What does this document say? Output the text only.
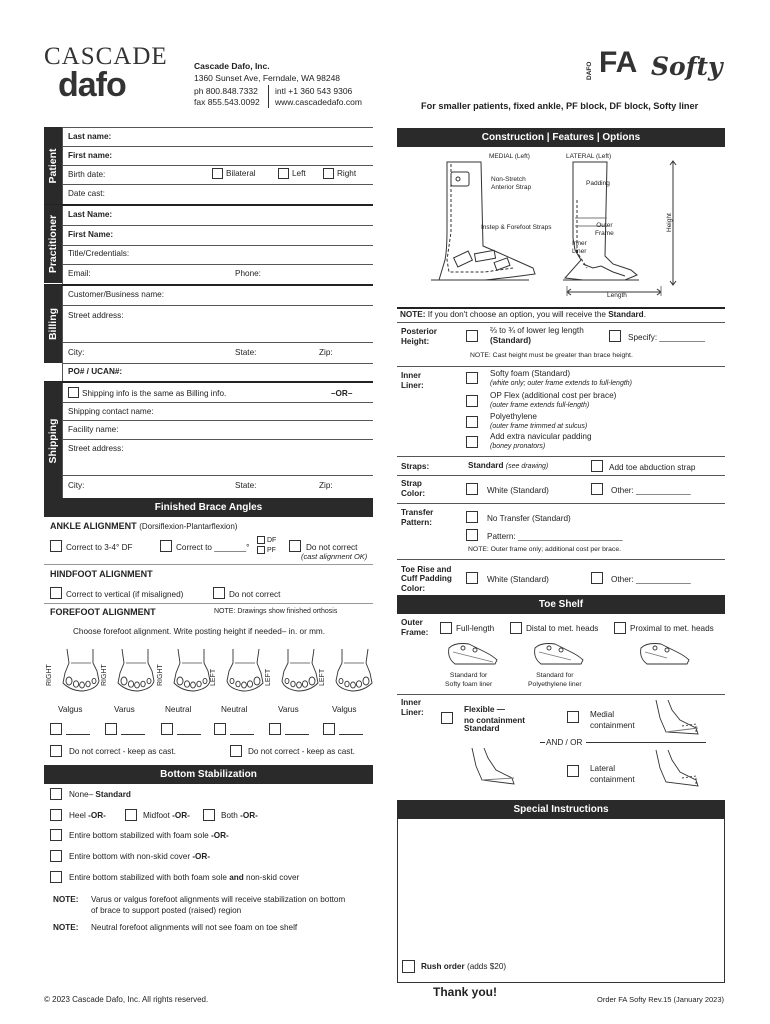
CASCADE
dafo	Cascade Dafo, Inc.
1360 Sunset Ave, Ferndale, WA 98248
ph 800.848.7332
fax 855.543.0092
intl +1 360 543 9306
www.cascadedafo.com
DAFO FA Softy
For smaller patients, fixed ankle, PF block, DF block, Softy liner
Patient
Last name:
First name:
Birth date:	Bilateral	Left	Right
Date cast:
Practitioner
Last Name:
First Name:
Title/Credentials:
Email:	Phone:
Billing
Customer/Business name:
Street address:
City:	State:	Zip:
PO# / UCAN#:
Shipping
Shipping info is the same as Billing info.	–OR–
Shipping contact name:
Facility name:
Street address:
City:	State:	Zip:
Finished Brace Angles
ANKLE ALIGNMENT (Dorsiflexion-Plantarflexion)
Correct to 3-4° DF	Correct to _______°
DF
PF	Do not correct
(cast alignment OK)
HINDFOOT ALIGNMENT
Correct to vertical (if misaligned)	Do not correct
FOREFOOT ALIGNMENT	NOTE: Drawings show finished orthosis
Choose forefoot alignment. Write posting height if needed– in. or mm.
RIGHT
Valgus
RIGHT
Varus
RIGHT
Neutral
LEFT
Neutral
LEFT
Varus
LEFT
Valgus
Do not correct - keep as cast.	Do not correct - keep as cast.
Bottom Stabilization
None– Standard
Heel -OR-	Midfoot -OR-	Both -OR-
Entire bottom stabilized with foam sole -OR-
Entire bottom with non-skid cover -OR-
Entire bottom stabilized with both foam sole and non-skid cover
NOTE: Varus or valgus forefoot alignments will receive stabilization on bottom
of brace to support posted (raised) region
NOTE: Neutral forefoot alignments will not see foam on toe shelf
Construction | Features | Options
MEDIAL (Left)	LATERAL (Left)
Non-Stretch
Anterior Strap
Padding
Instep & Forefoot Straps	Outer
Frame
Inner
Liner
Height
Length
NOTE: If you don't choose an option, you will receive the Standard.
Posterior
Height:
⅔ to ¾ of lower leg length
(Standard)	Specify: __________
NOTE: Cast height must be greater than brace height.
Inner
Liner:
Softy foam (Standard)
(white only; outer frame extends to full-length)
OP Flex (additional cost per brace)
(outer frame extends full-length)
Polyethylene
(outer frame trimmed at sulcus)
Add extra navicular padding
(boney pronators)
Straps:	Standard (see drawing)	Add toe abduction strap
Strap
Color:	White (Standard)	Other: ____________
Transfer
Pattern:	No Transfer (Standard)
Pattern: _______________________
NOTE: Outer frame only; additional cost per brace.
Toe Rise and
Cuff Padding
Color:
White (Standard)	Other: ____________
Toe Shelf
Outer
Frame:	Full-length	Distal to met. heads	Proximal to met. heads
Standard for
Softy foam liner
Standard for
Polyethylene liner
Inner
Liner:	Flexible —
no containment
Standard
Medial
containment
AND / OR
Lateral
containment
Special Instructions
Rush order (adds $20)
Thank you!
© 2023 Cascade Dafo, Inc. All rights reserved.	Order FA Softy Rev.15 (January 2023)
